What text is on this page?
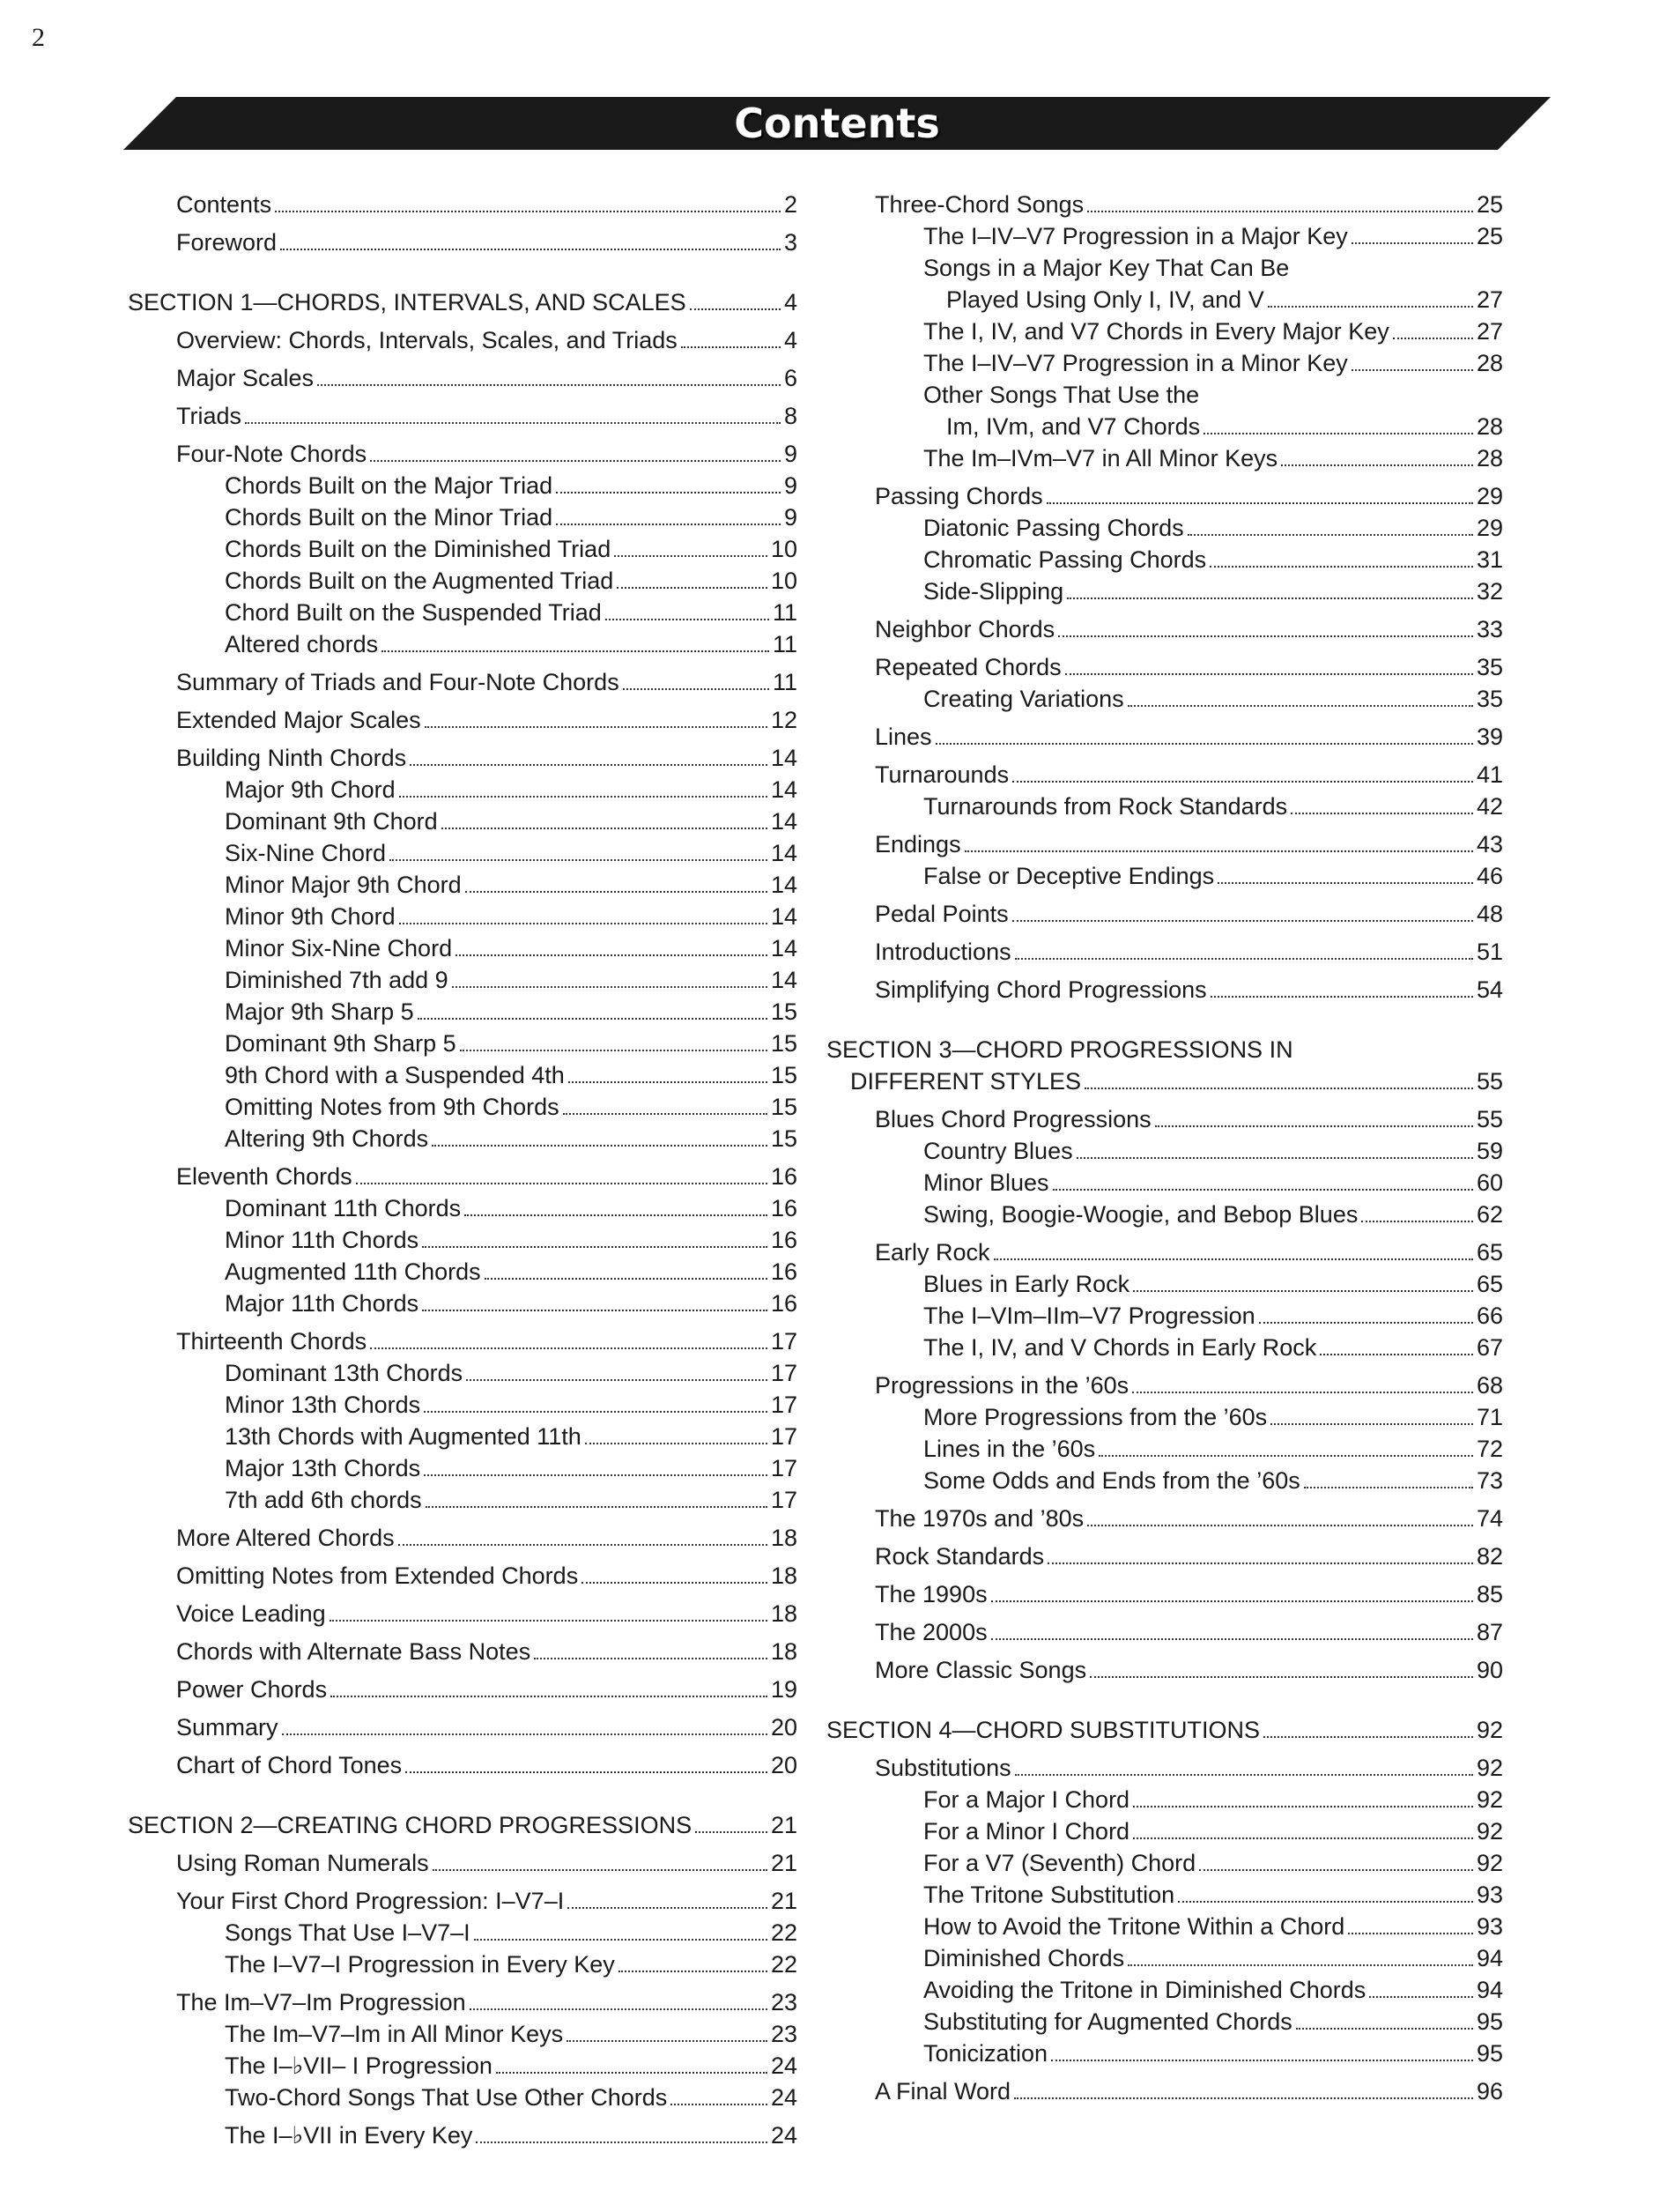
2
Contents
Contents	2
Foreword	3
SECTION 1—CHORDS, INTERVALS, AND SCALES	4
Overview: Chords, Intervals, Scales, and Triads	4
Major Scales	6
Triads	8
Four-Note Chords	9
Chords Built on the Major Triad	9
Chords Built on the Minor Triad	9
Chords Built on the Diminished Triad	10
Chords Built on the Augmented Triad	10
Chord Built on the Suspended Triad	11
Altered chords	11
Summary of Triads and Four-Note Chords	11
Extended Major Scales	12
Building Ninth Chords	14
Major 9th Chord	14
Dominant 9th Chord	14
Six-Nine Chord	14
Minor Major 9th Chord	14
Minor 9th Chord	14
Minor Six-Nine Chord	14
Diminished 7th add 9	14
Major 9th Sharp 5	15
Dominant 9th Sharp 5	15
9th Chord with a Suspended 4th	15
Omitting Notes from 9th Chords	15
Altering 9th Chords	15
Eleventh Chords	16
Dominant 11th Chords	16
Minor 11th Chords	16
Augmented 11th Chords	16
Major 11th Chords	16
Thirteenth Chords	17
Dominant 13th Chords	17
Minor 13th Chords	17
13th Chords with Augmented 11th	17
Major 13th Chords	17
7th add 6th chords	17
More Altered Chords	18
Omitting Notes from Extended Chords	18
Voice Leading	18
Chords with Alternate Bass Notes	18
Power Chords	19
Summary	20
Chart of Chord Tones	20
SECTION 2—CREATING CHORD PROGRESSIONS	21
Using Roman Numerals	21
Your First Chord Progression: I–V7–I	21
Songs That Use I–V7–I	22
The I–V7–I Progression in Every Key	22
The Im–V7–Im Progression	23
The Im–V7–Im in All Minor Keys	23
The I–♭VII– I Progression	24
Two-Chord Songs That Use Other Chords	24
The I–♭VII in Every Key	24
Three-Chord Songs	25
The I–IV–V7 Progression in a Major Key	25
Songs in a Major Key That Can Be
Played Using Only I, IV, and V	27
The I, IV, and V7 Chords in Every Major Key	27
The I–IV–V7 Progression in a Minor Key	28
Other Songs That Use the
Im, IVm, and V7 Chords	28
The Im–IVm–V7 in All Minor Keys	28
Passing Chords	29
Diatonic Passing Chords	29
Chromatic Passing Chords	31
Side-Slipping	32
Neighbor Chords	33
Repeated Chords	35
Creating Variations	35
Lines	39
Turnarounds	41
Turnarounds from Rock Standards	42
Endings	43
False or Deceptive Endings	46
Pedal Points	48
Introductions	51
Simplifying Chord Progressions	54
SECTION 3—CHORD PROGRESSIONS IN
DIFFERENT STYLES	55
Blues Chord Progressions	55
Country Blues	59
Minor Blues	60
Swing, Boogie-Woogie, and Bebop Blues	62
Early Rock	65
Blues in Early Rock	65
The I–VIm–IIm–V7 Progression	66
The I, IV, and V Chords in Early Rock	67
Progressions in the ’60s	68
More Progressions from the ’60s	71
Lines in the ’60s	72
Some Odds and Ends from the ’60s	73
The 1970s and ’80s	74
Rock Standards	82
The 1990s	85
The 2000s	87
More Classic Songs	90
SECTION 4—CHORD SUBSTITUTIONS	92
Substitutions	92
For a Major I Chord	92
For a Minor I Chord	92
For a V7 (Seventh) Chord	92
The Tritone Substitution	93
How to Avoid the Tritone Within a Chord	93
Diminished Chords	94
Avoiding the Tritone in Diminished Chords	94
Substituting for Augmented Chords	95
Tonicization	95
A Final Word	96
